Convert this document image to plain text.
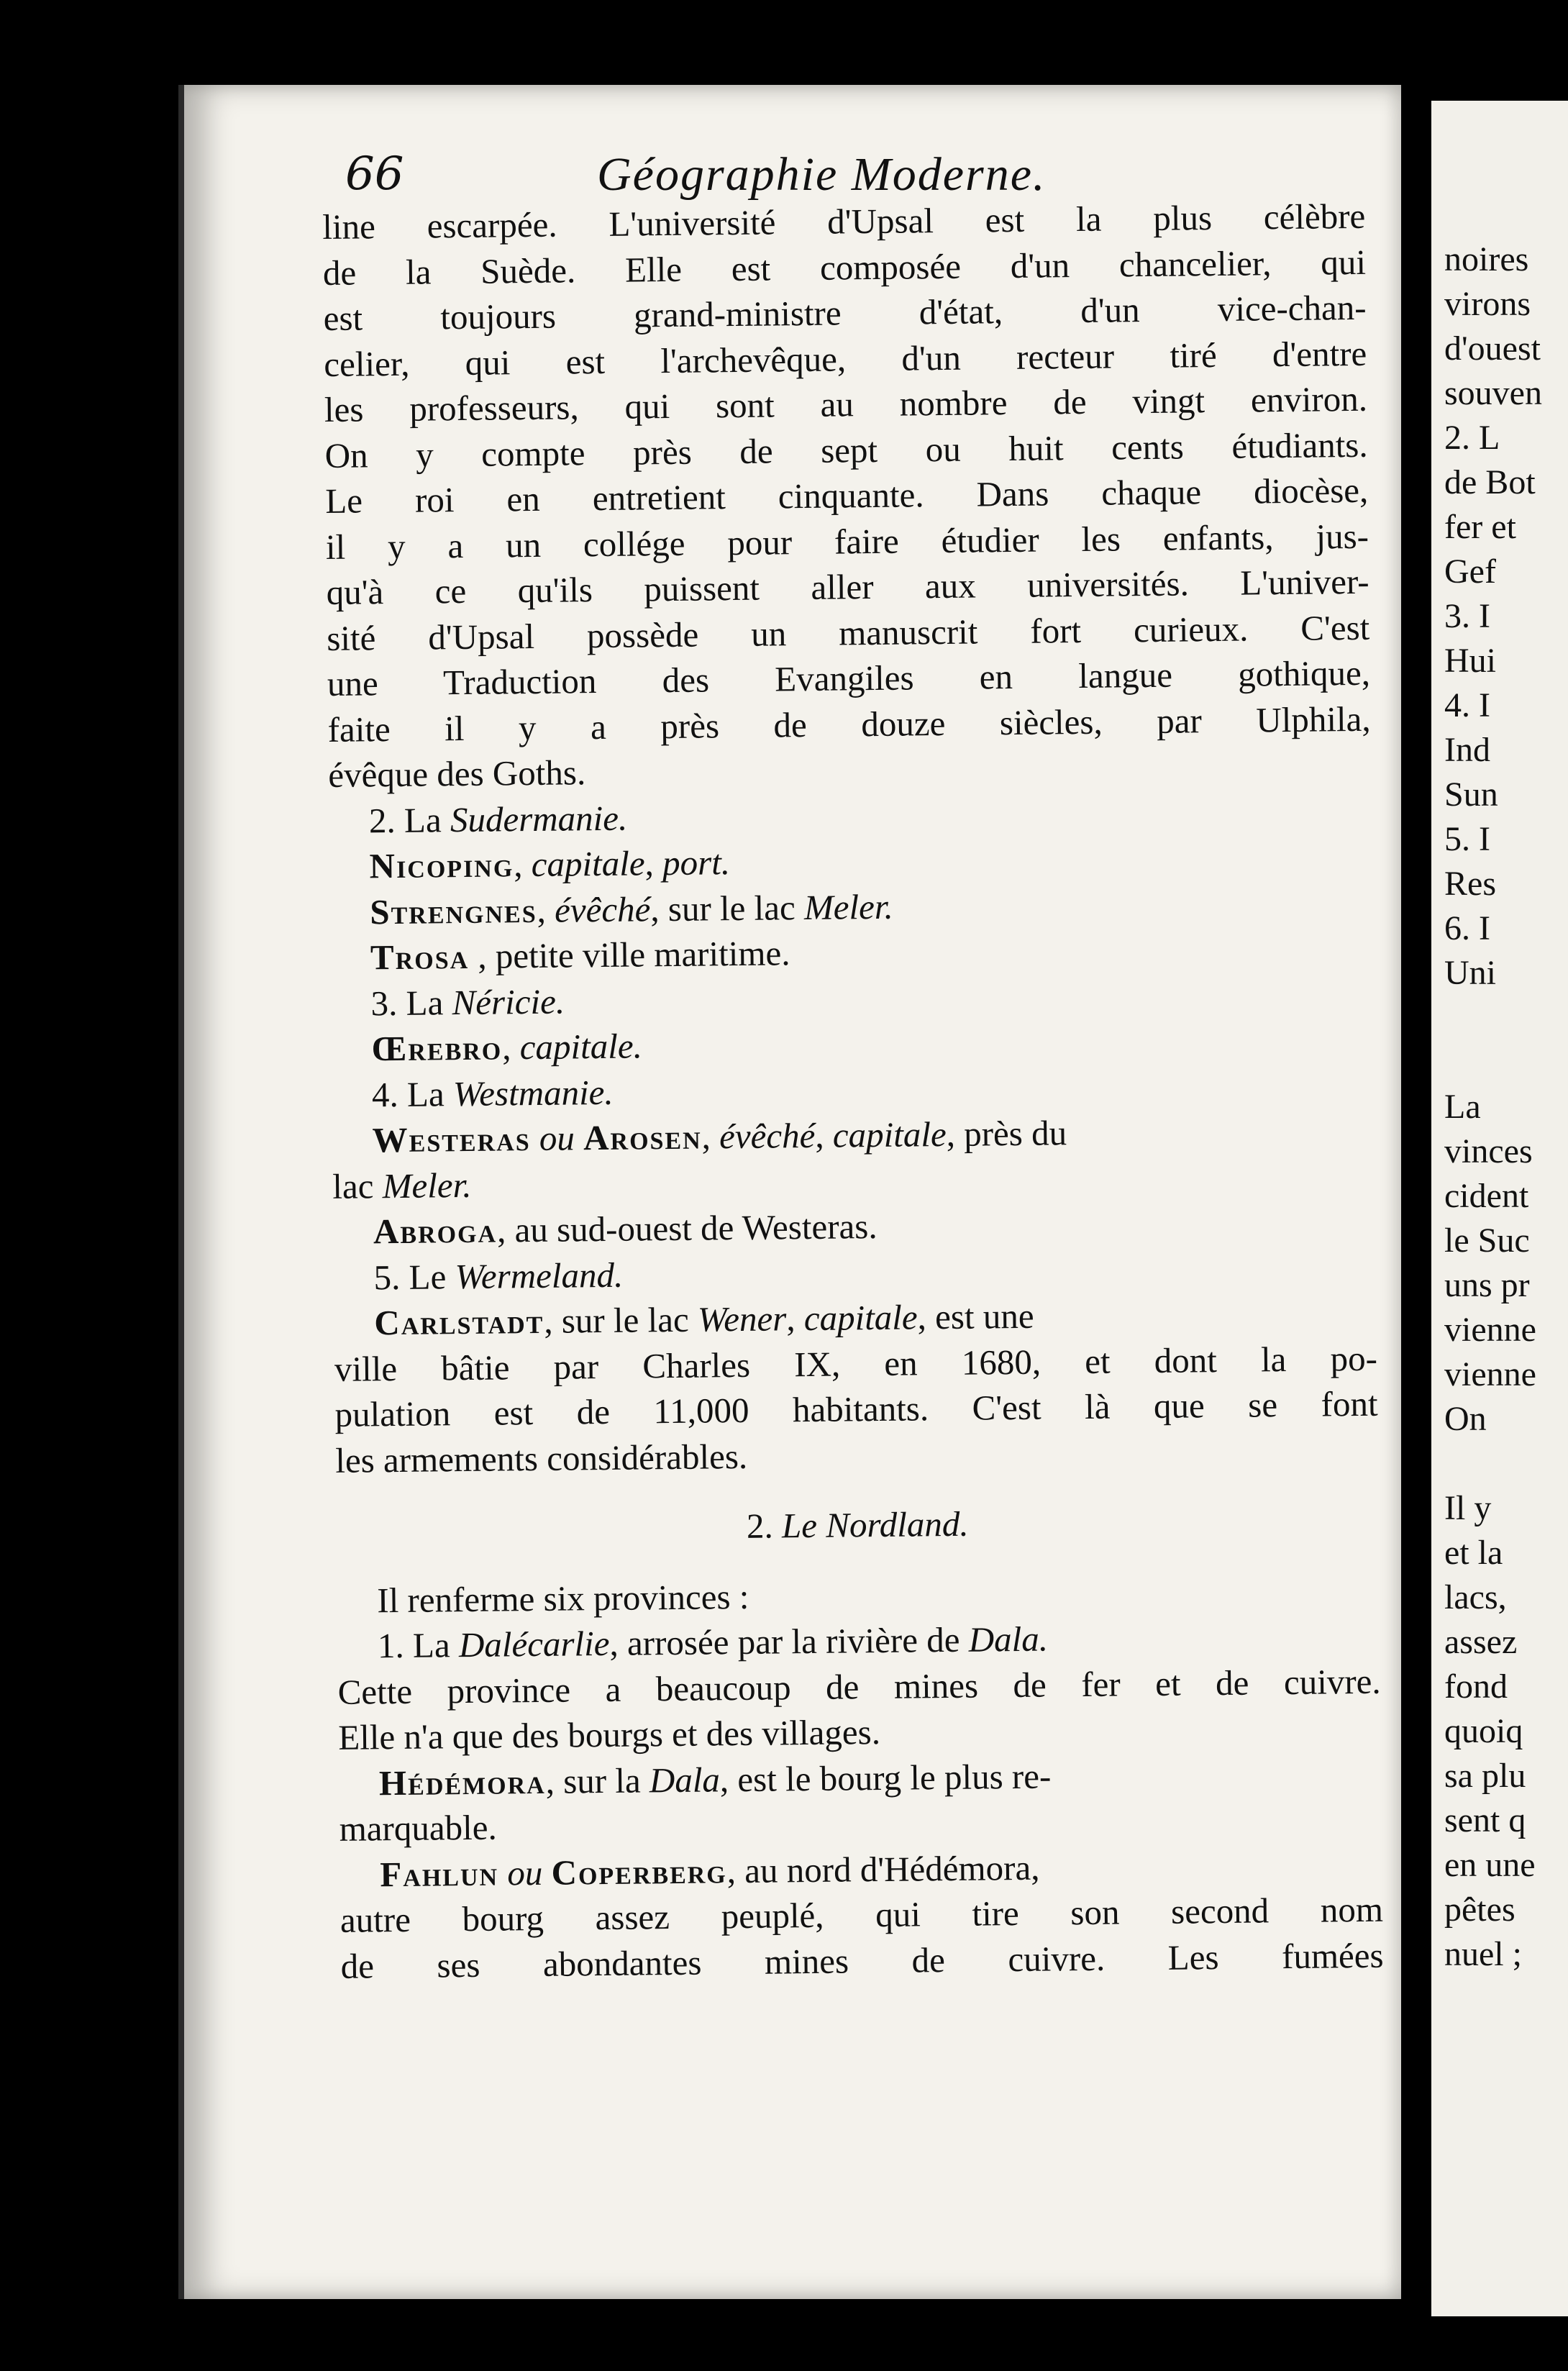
noires
virons
d'ouest
souven
2. L
de Bot
fer et
Gef
3. I
Hui
4. I
Ind
Sun
5. I
Res
6. I
Uni
La
vinces
cident
le Suc
uns pr
vienne
vienne
On
Il y
et la
lacs,
assez
fond
quoiq
sa plu
sent q
en une
pêtes
nuel ;
66	Géographie Moderne.
line escarpée. L'université d'Upsal est la plus célèbre
de la Suède. Elle est composée d'un chancelier, qui
est toujours grand-ministre d'état, d'un vice-chan-
celier, qui est l'archevêque, d'un recteur tiré d'entre
les professeurs, qui sont au nombre de vingt environ.
On y compte près de sept ou huit cents étudiants.
Le roi en entretient cinquante. Dans chaque diocèse,
il y a un collége pour faire étudier les enfants, jus-
qu'à ce qu'ils puissent aller aux universités. L'univer-
sité d'Upsal possède un manuscrit fort curieux. C'est
une Traduction des Evangiles en langue gothique,
faite il y a près de douze siècles, par Ulphila,
évêque des Goths.
2. La Sudermanie.
Nicoping, capitale, port.
Strengnes, évêché, sur le lac Meler.
Trosa , petite ville maritime.
3. La Néricie.
Œrebro, capitale.
4. La Westmanie.
Westeras ou Arosen, évêché, capitale, près du
lac Meler.
Abroga, au sud-ouest de Westeras.
5. Le Wermeland.
Carlstadt, sur le lac Wener, capitale, est une
ville bâtie par Charles IX, en 1680, et dont la po-
pulation est de 11,000 habitants. C'est là que se font
les armements considérables.
2. Le Nordland.
Il renferme six provinces :
1. La Dalécarlie, arrosée par la rivière de Dala.
Cette province a beaucoup de mines de fer et de cuivre.
Elle n'a que des bourgs et des villages.
Hédémora, sur la Dala, est le bourg le plus re-
marquable.
Fahlun ou Coperberg, au nord d'Hédémora,
autre bourg assez peuplé, qui tire son second nom
de ses abondantes mines de cuivre. Les fumées
